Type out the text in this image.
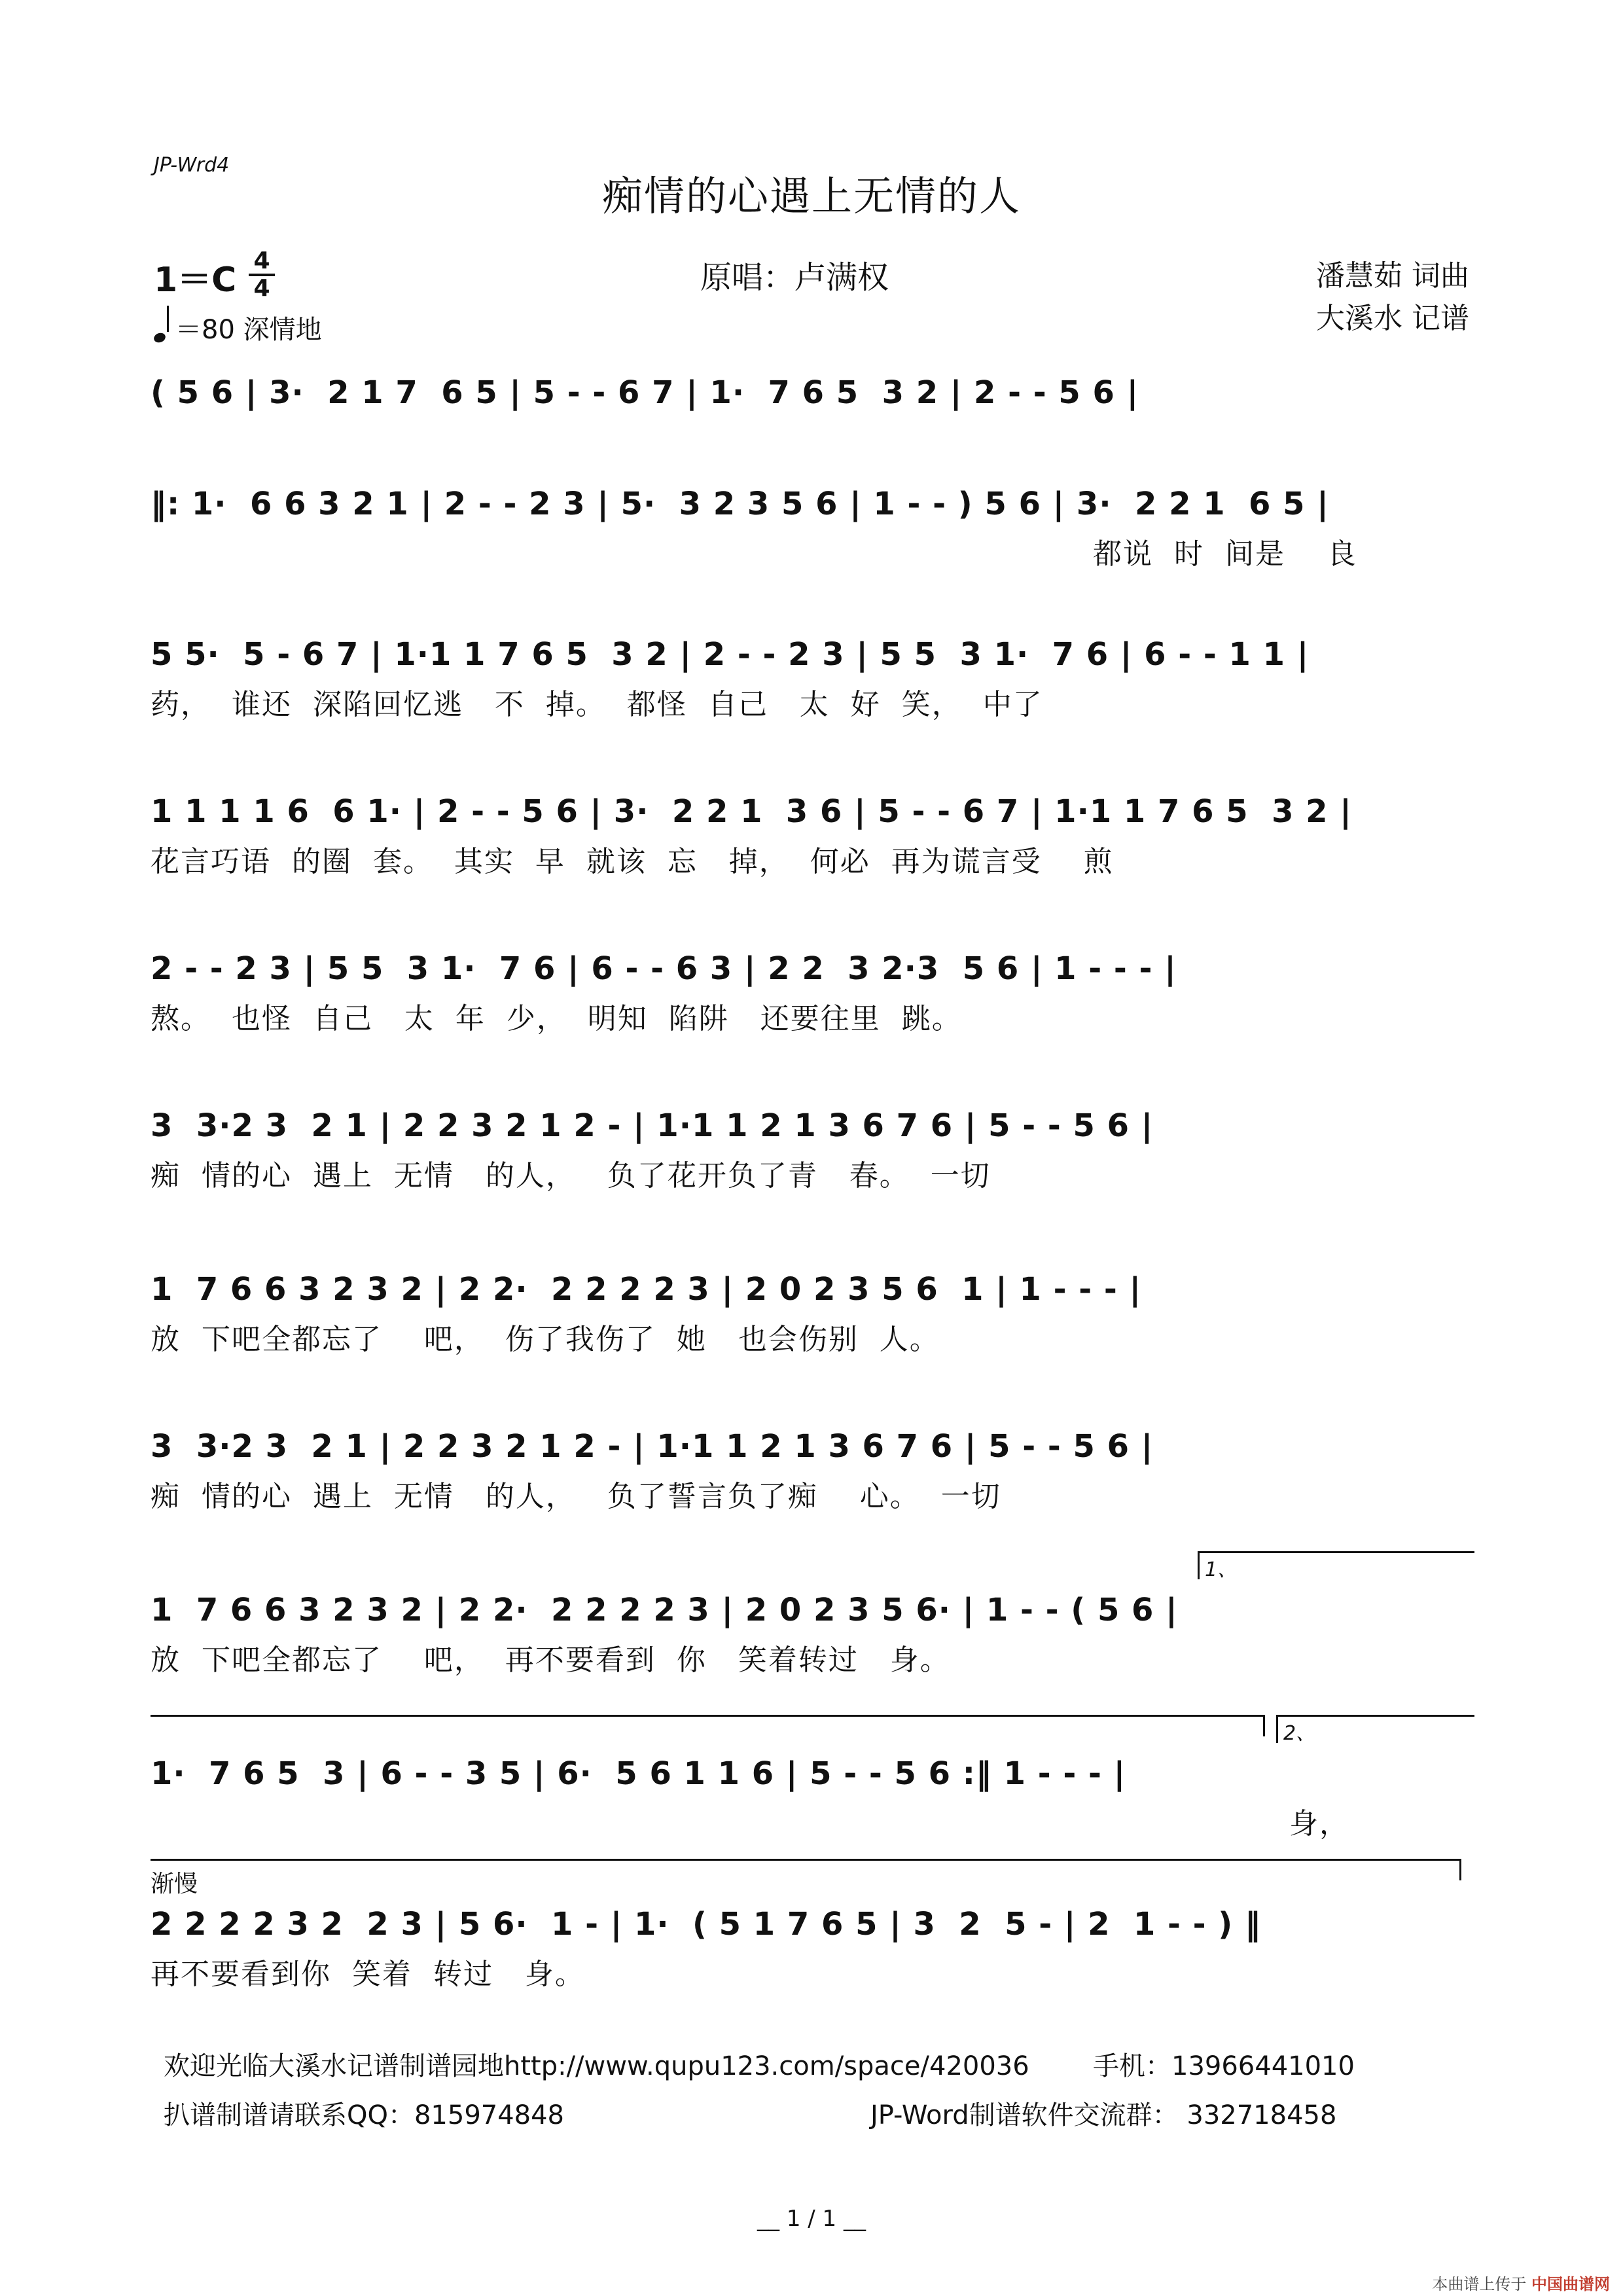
JP-Wrd4
痴情的心遇上无情的人
1＝C 4
4
＝80 深情地
原唱：卢满权	潘慧茹 词曲
大溪水 记谱
( 5 6 | 3·  2 1 7  6 5 | 5 - - 6 7 | 1·  7 6 5  3 2 | 2 - - 5 6 |
‖: 1·  6 6 3 2 1 | 2 - - 2 3 | 5·  3 2 3 5 6 | 1 - - ) 5 6 | 3·  2 2 1  6 5 |
都说  时  间是    良
5 5·  5 - 6 7 | 1·1 1 7 6 5  3 2 | 2 - - 2 3 | 5 5  3 1·  7 6 | 6 - - 1 1 |
药，  谁还  深陷回忆逃   不  掉。  都怪  自己   太  好  笑，  中了
1 1 1 1 6  6 1· | 2 - - 5 6 | 3·  2 2 1  3 6 | 5 - - 6 7 | 1·1 1 7 6 5  3 2 |
花言巧语  的圈  套。  其实  早  就该  忘   掉，  何必  再为谎言受    煎
2 - - 2 3 | 5 5  3 1·  7 6 | 6 - - 6 3 | 2 2  3 2·3  5 6 | 1 - - - |
熬。  也怪  自己   太  年  少，  明知  陷阱   还要往里  跳。
3  3·2 3  2 1 | 2 2 3 2 1 2 - | 1·1 1 2 1 3 6 7 6 | 5 - - 5 6 |
痴  情的心  遇上  无情   的人，   负了花开负了青   春。  一切
1  7 6 6 3 2 3 2 | 2 2·  2 2 2 2 3 | 2 0 2 3 5 6  1 | 1 - - - |
放  下吧全都忘了    吧，  伤了我伤了  她   也会伤别  人。
3  3·2 3  2 1 | 2 2 3 2 1 2 - | 1·1 1 2 1 3 6 7 6 | 5 - - 5 6 |
痴  情的心  遇上  无情   的人，   负了誓言负了痴    心。  一切
1、
1  7 6 6 3 2 3 2 | 2 2·  2 2 2 2 3 | 2 0 2 3 5 6· | 1 - - ( 5 6 |
放  下吧全都忘了    吧，  再不要看到  你   笑着转过   身。
2、
1·  7 6 5  3 | 6 - - 3 5 | 6·  5 6 1 1 6 | 5 - - 5 6 :‖ 1 - - - |
身，
渐慢
2 2 2 2 3 2  2 3 | 5 6·  1 - | 1·  ( 5 1 7 6 5 | 3  2  5 - | 2  1 - - ) ‖
再不要看到你  笑着  转过   身。
欢迎光临大溪水记谱制谱园地http://www.qupu123.com/space/420036 手机：13966441010
扒谱制谱请联系QQ：815974848	JP-Word制谱软件交流群： 332718458
__ 1 / 1 __
本曲谱上传于 中国曲谱网
